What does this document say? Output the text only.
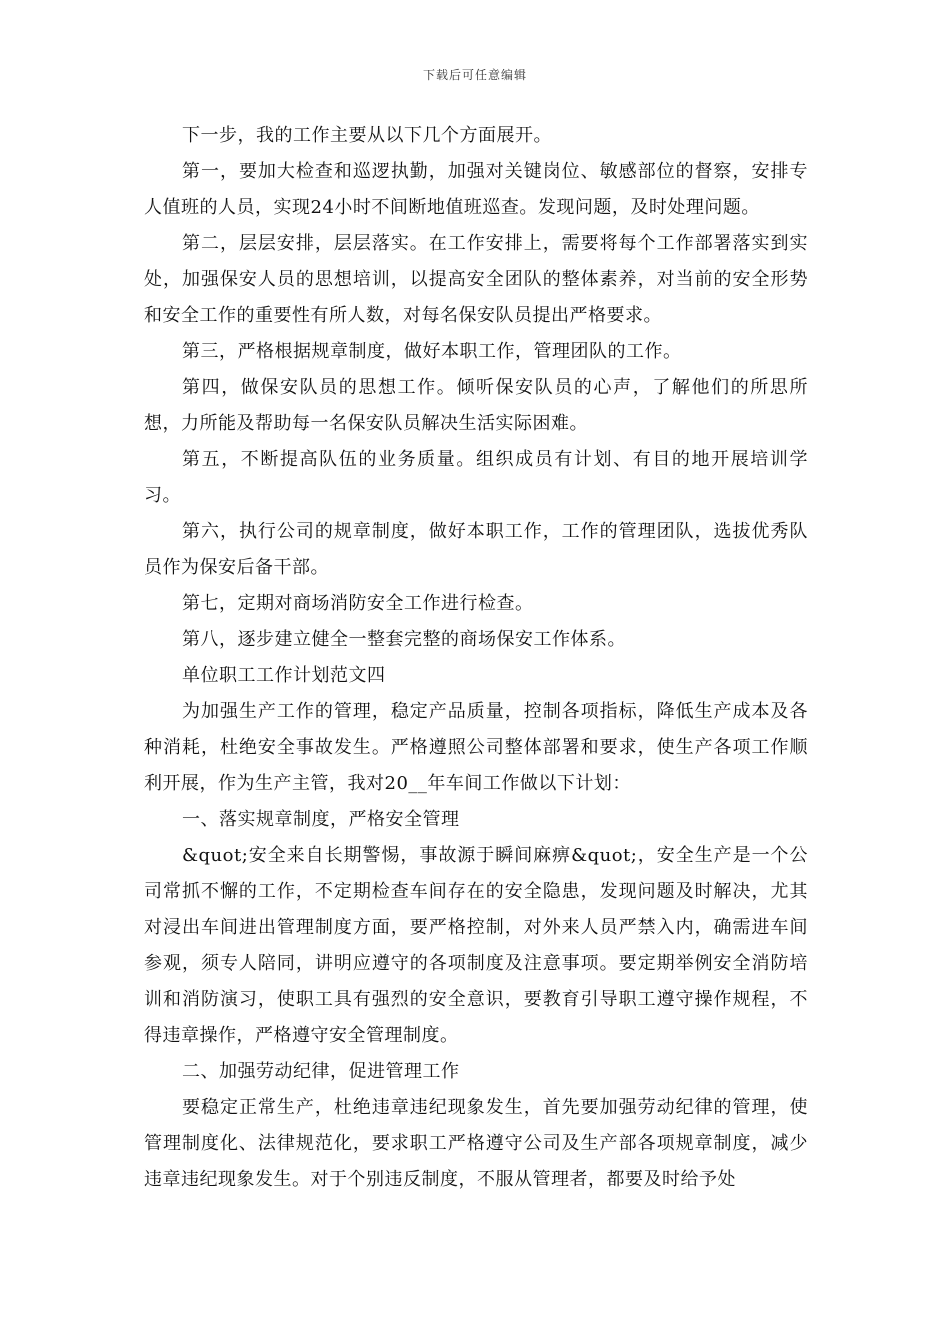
下载后可任意编辑

下一步，我的工作主要从以下几个方面展开。

第一，要加大检查和巡逻执勤，加强对关键岗位、敏感部位的督察，安排专人值班的人员，实现24小时不间断地值班巡查。发现问题，及时处理问题。

第二，层层安排，层层落实。在工作安排上，需要将每个工作部署落实到实处，加强保安人员的思想培训，以提高安全团队的整体素养，对当前的安全形势和安全工作的重要性有所人数，对每名保安队员提出严格要求。

第三，严格根据规章制度，做好本职工作，管理团队的工作。

第四，做保安队员的思想工作。倾听保安队员的心声，了解他们的所思所想，力所能及帮助每一名保安队员解决生活实际困难。

第五，不断提高队伍的业务质量。组织成员有计划、有目的地开展培训学习。

第六，执行公司的规章制度，做好本职工作，工作的管理团队，选拔优秀队员作为保安后备干部。

第七，定期对商场消防安全工作进行检查。

第八，逐步建立健全一整套完整的商场保安工作体系。

单位职工工作计划范文四

为加强生产工作的管理，稳定产品质量，控制各项指标，降低生产成本及各种消耗，杜绝安全事故发生。严格遵照公司整体部署和要求，使生产各项工作顺利开展，作为生产主管，我对20__年车间工作做以下计划：

一、落实规章制度，严格安全管理

&quot;安全来自长期警惕，事故源于瞬间麻痹&quot;，安全生产是一个公司常抓不懈的工作，不定期检查车间存在的安全隐患，发现问题及时解决，尤其对浸出车间进出管理制度方面，要严格控制，对外来人员严禁入内，确需进车间参观，须专人陪同，讲明应遵守的各项制度及注意事项。要定期举例安全消防培训和消防演习，使职工具有强烈的安全意识，要教育引导职工遵守操作规程，不得违章操作，严格遵守安全管理制度。

二、加强劳动纪律，促进管理工作

要稳定正常生产，杜绝违章违纪现象发生，首先要加强劳动纪律的管理，使管理制度化、法律规范化，要求职工严格遵守公司及生产部各项规章制度，减少违章违纪现象发生。对于个别违反制度，不服从管理者，都要及时给予处
